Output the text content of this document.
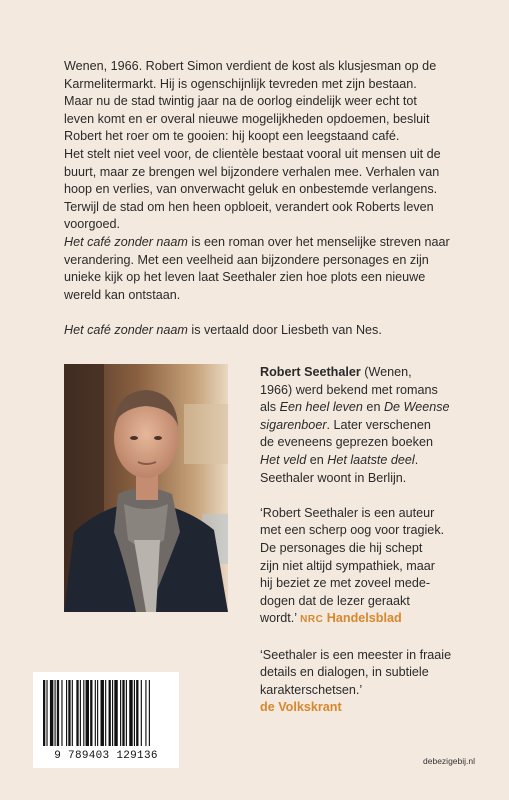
Wenen, 1966. Robert Simon verdient de kost als klusjesman op de
Karmelitermarkt. Hij is ogenschijnlijk tevreden met zijn bestaan.
Maar nu de stad twintig jaar na de oorlog eindelijk weer echt tot
leven komt en er overal nieuwe mogelijkheden opdoemen, besluit
Robert het roer om te gooien: hij koopt een leegstaand café.

Het stelt niet veel voor, de clientèle bestaat vooral uit mensen uit de
buurt, maar ze brengen wel bijzondere verhalen mee. Verhalen van
hoop en verlies, van onverwacht geluk en onbestemde verlangens.
Terwijl de stad om hen heen opbloeit, verandert ook Roberts leven
voorgoed.

Het café zonder naam is een roman over het menselijke streven naar
verandering. Met een veelheid aan bijzondere personages en zijn
unieke kijk op het leven laat Seethaler zien hoe plots een nieuwe
wereld kan ontstaan.

Het café zonder naam is vertaald door Liesbeth van Nes.

Robert Seethaler (Wenen,
1966) werd bekend met romans
als Een heel leven en De Weense
sigarenboer. Later verschenen
de eveneens geprezen boeken
Het veld en Het laatste deel.
Seethaler woont in Berlijn.

‘Robert Seethaler is een auteur
met een scherp oog voor tragiek.
De personages die hij schept
zijn niet altijd sympathiek, maar
hij beziet ze met zoveel mede-
dogen dat de lezer geraakt
wordt.’ NRC Handelsblad

‘Seethaler is een meester in fraaie
details en dialogen, in subtiele
karakterschetsen.’
de Volkskrant

9 789403 129136	debezigebij.nl
